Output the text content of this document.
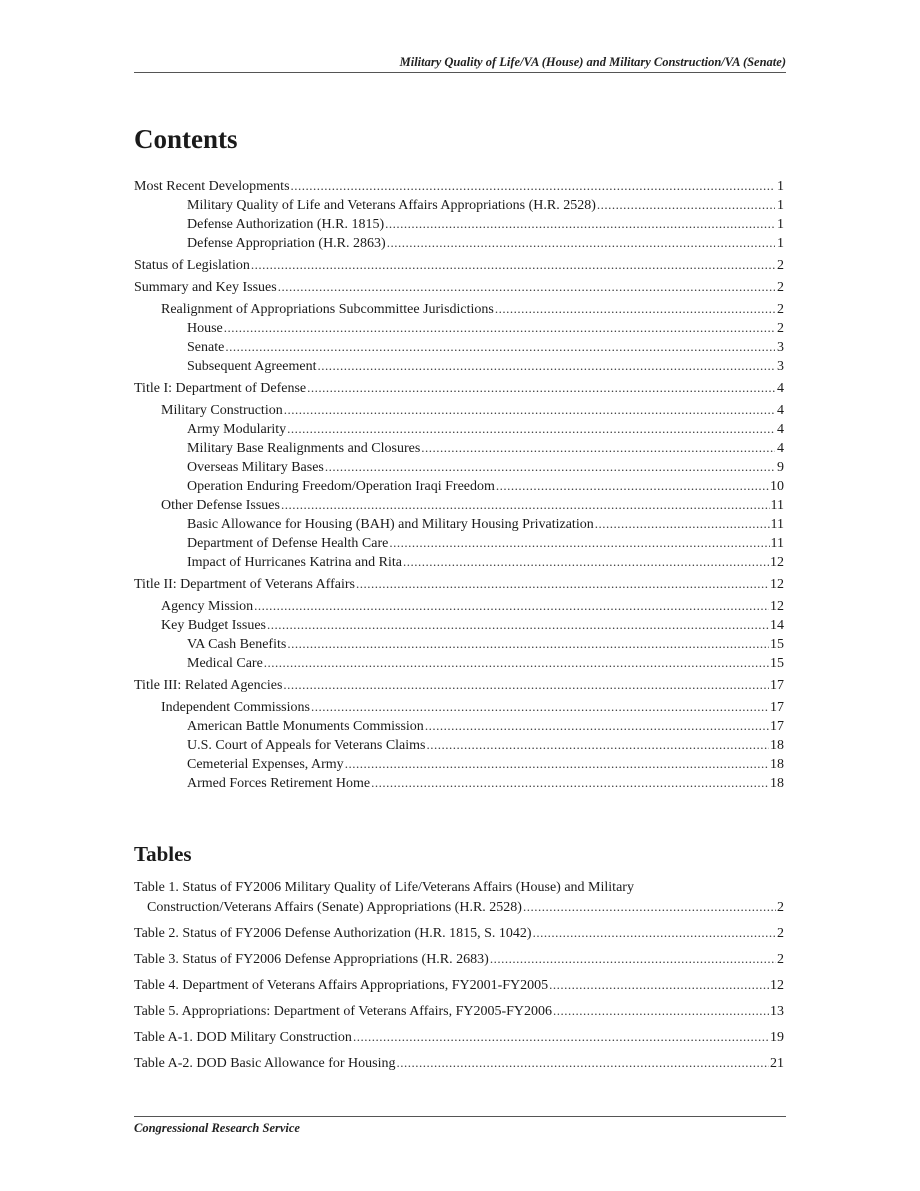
Military Quality of Life/VA (House) and Military Construction/VA (Senate)
Contents
Most Recent Developments .....	1
Military Quality of Life and Veterans Affairs Appropriations (H.R. 2528) .....	1
Defense Authorization (H.R. 1815) .....	1
Defense Appropriation (H.R. 2863) .....	1
Status of Legislation .....	2
Summary and Key Issues .....	2
Realignment of Appropriations Subcommittee Jurisdictions .....	2
House .....	2
Senate .....	3
Subsequent Agreement .....	3
Title I: Department of Defense .....	4
Military Construction .....	4
Army Modularity .....	4
Military Base Realignments and Closures .....	4
Overseas Military Bases .....	9
Operation Enduring Freedom/Operation Iraqi Freedom .....	10
Other Defense Issues .....	11
Basic Allowance for Housing (BAH) and Military Housing Privatization .....	11
Department of Defense Health Care .....	11
Impact of Hurricanes Katrina and Rita .....	12
Title II: Department of Veterans Affairs .....	12
Agency Mission .....	12
Key Budget Issues .....	14
VA Cash Benefits .....	15
Medical Care .....	15
Title III: Related Agencies .....	17
Independent Commissions .....	17
American Battle Monuments Commission .....	17
U.S. Court of Appeals for Veterans Claims .....	18
Cemeterial Expenses, Army .....	18
Armed Forces Retirement Home .....	18
Tables
Table 1. Status of FY2006 Military Quality of Life/Veterans Affairs (House) and Military
Construction/Veterans Affairs (Senate) Appropriations (H.R. 2528) .....	2
Table 2. Status of FY2006 Defense Authorization (H.R. 1815, S. 1042) .....	2
Table 3. Status of FY2006 Defense Appropriations (H.R. 2683) .....	2
Table 4. Department of Veterans Affairs Appropriations, FY2001-FY2005 .....	12
Table 5. Appropriations: Department of Veterans Affairs, FY2005-FY2006 .....	13
Table A-1. DOD Military Construction .....	19
Table A-2. DOD Basic Allowance for Housing .....	21
Congressional Research Service
